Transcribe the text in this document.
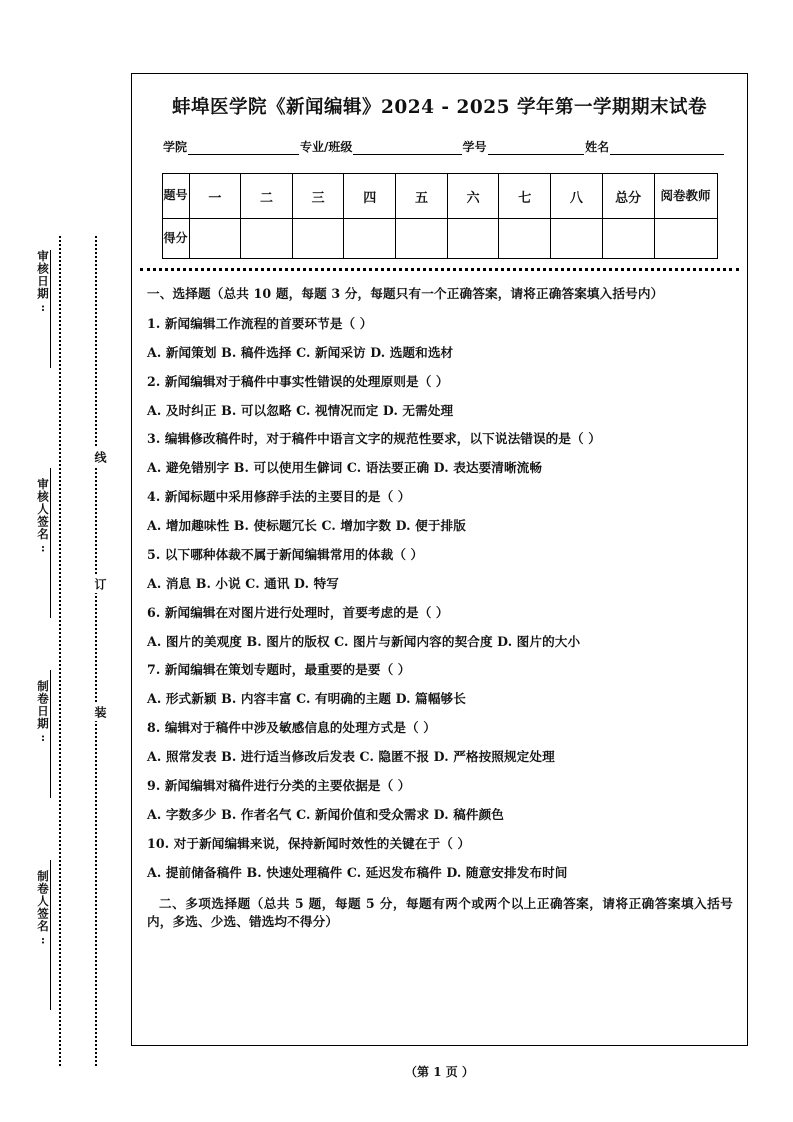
审核日期:
审核人签名:
制卷日期:
制卷人签名:
线
订
装
蚌埠医学院《新闻编辑》2024 - 2025 学年第一学期期末试卷
学院	专业/班级	学号	姓名
题号	一	二	三	四	五	六	七	八	总分	阅卷教师
得分										
一、选择题（总共 10 题，每题 3 分，每题只有一个正确答案，请将正确答案填入括号内）
1. 新闻编辑工作流程的首要环节是（ ）
A. 新闻策划 B. 稿件选择 C. 新闻采访 D. 选题和选材
2. 新闻编辑对于稿件中事实性错误的处理原则是（ ）
A. 及时纠正 B. 可以忽略 C. 视情况而定 D. 无需处理
3. 编辑修改稿件时，对于稿件中语言文字的规范性要求，以下说法错误的是（ ）
A. 避免错别字 B. 可以使用生僻词 C. 语法要正确 D. 表达要清晰流畅
4. 新闻标题中采用修辞手法的主要目的是（ ）
A. 增加趣味性 B. 使标题冗长 C. 增加字数 D. 便于排版
5. 以下哪种体裁不属于新闻编辑常用的体裁（ ）
A. 消息 B. 小说 C. 通讯 D. 特写
6. 新闻编辑在对图片进行处理时，首要考虑的是（ ）
A. 图片的美观度 B. 图片的版权 C. 图片与新闻内容的契合度 D. 图片的大小
7. 新闻编辑在策划专题时，最重要的是要（ ）
A. 形式新颖 B. 内容丰富 C. 有明确的主题 D. 篇幅够长
8. 编辑对于稿件中涉及敏感信息的处理方式是（ ）
A. 照常发表 B. 进行适当修改后发表 C. 隐匿不报 D. 严格按照规定处理
9. 新闻编辑对稿件进行分类的主要依据是（ ）
A. 字数多少 B. 作者名气 C. 新闻价值和受众需求 D. 稿件颜色
10. 对于新闻编辑来说，保持新闻时效性的关键在于（ ）
A. 提前储备稿件 B. 快速处理稿件 C. 延迟发布稿件 D. 随意安排发布时间
二、多项选择题（总共 5 题，每题 5 分，每题有两个或两个以上正确答案，请将正确答案填入括号内，多选、少选、错选均不得分）
（第 1 页 ）
